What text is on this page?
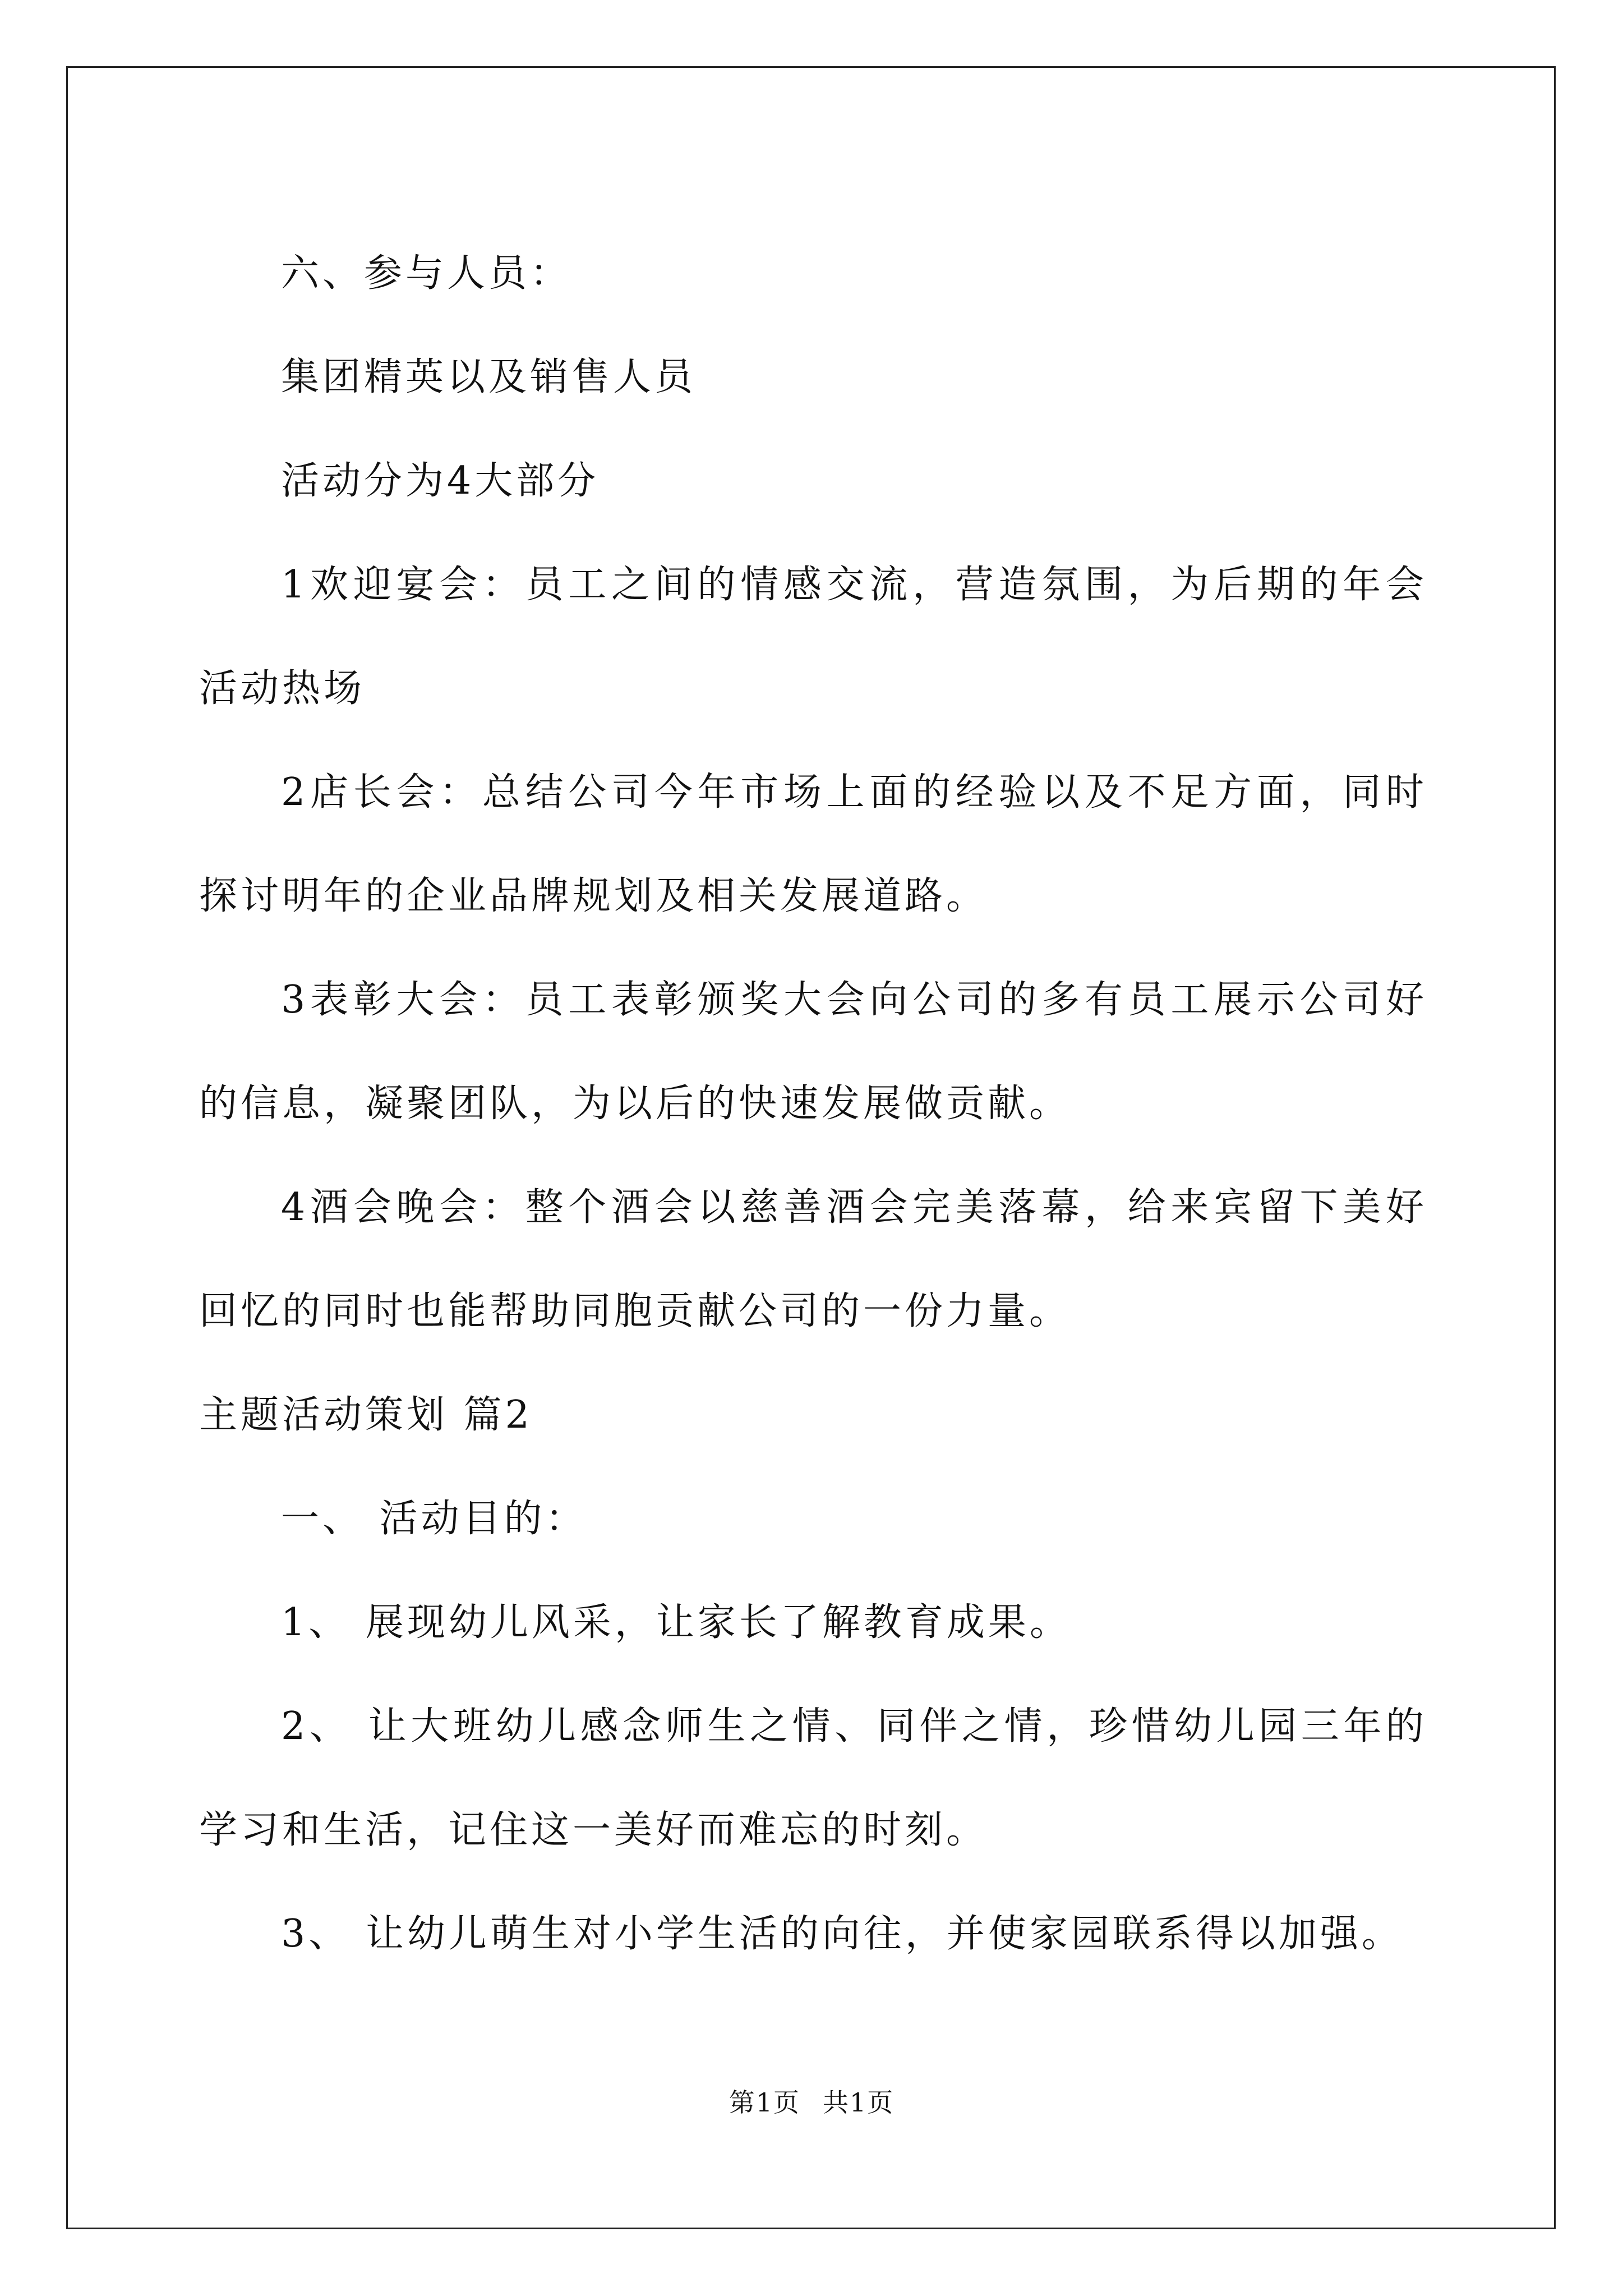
六、参与人员：

集团精英以及销售人员

活动分为4大部分

1欢迎宴会：员工之间的情感交流，营造氛围，为后期的年会活动热场

2店长会：总结公司今年市场上面的经验以及不足方面，同时探讨明年的企业品牌规划及相关发展道路。

3表彰大会：员工表彰颁奖大会向公司的多有员工展示公司好的信息，凝聚团队，为以后的快速发展做贡献。

4酒会晚会：整个酒会以慈善酒会完美落幕，给来宾留下美好回忆的同时也能帮助同胞贡献公司的一份力量。

主题活动策划 篇2

一、 活动目的：

1、 展现幼儿风采，让家长了解教育成果。

2、 让大班幼儿感念师生之情、同伴之情，珍惜幼儿园三年的学习和生活，记住这一美好而难忘的时刻。

3、 让幼儿萌生对小学生活的向往，并使家园联系得以加强。

第1页 共1页
